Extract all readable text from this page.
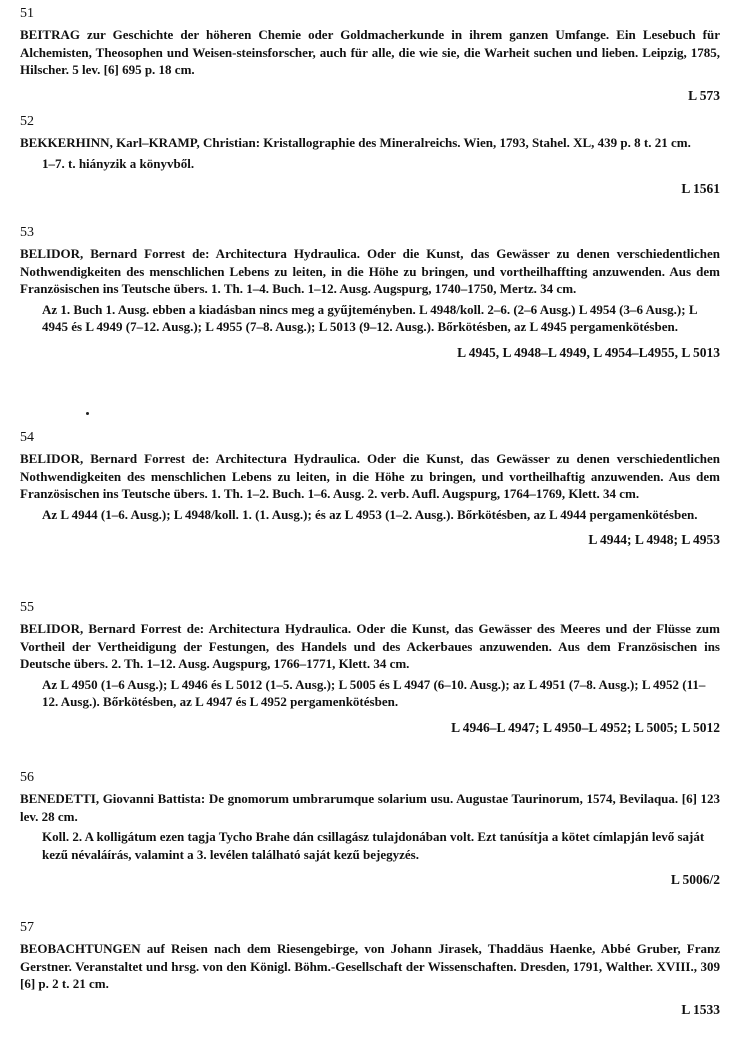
51
BEITRAG zur Geschichte der höheren Chemie oder Goldmacherkunde in ihrem ganzen Umfange. Ein Lesebuch für Alchemisten, Theosophen und Weisen-steinsforscher, auch für alle, die wie sie, die Warheit suchen und lieben. Leipzig, 1785, Hilscher. 5 lev. [6] 695 p. 18 cm.
L 573
52
BEKKERHINN, Karl–KRAMP, Christian: Kristallographie des Mineralreichs. Wien, 1793, Stahel. XL, 439 p. 8 t. 21 cm.
1–7. t. hiányzik a könyvből.
L 1561
53
BELIDOR, Bernard Forrest de: Architectura Hydraulica. Oder die Kunst, das Gewässer zu denen verschiedentlichen Nothwendigkeiten des menschlichen Lebens zu leiten, in die Höhe zu bringen, und vortheilhaffting anzuwenden. Aus dem Französischen ins Teutsche übers. 1. Th. 1–4. Buch. 1–12. Ausg. Augspurg, 1740–1750, Mertz. 34 cm.
Az 1. Buch 1. Ausg. ebben a kiadásban nincs meg a gyűjteményben. L 4948/koll. 2–6. (2–6 Ausg.) L 4954 (3–6 Ausg.); L 4945 és L 4949 (7–12. Ausg.); L 4955 (7–8. Ausg.); L 5013 (9–12. Ausg.). Bőrkötésben, az L 4945 pergamenkötésben.
L 4945, L 4948–L 4949, L 4954–L4955, L 5013
54
BELIDOR, Bernard Forrest de: Architectura Hydraulica. Oder die Kunst, das Gewässer zu denen verschiedentlichen Nothwendigkeiten des menschlichen Lebens zu leiten, in die Höhe zu bringen, und vortheilhaftig anzuwenden. Aus dem Französischen ins Teutsche übers. 1. Th. 1–2. Buch. 1–6. Ausg. 2. verb. Aufl. Augspurg, 1764–1769, Klett. 34 cm.
Az L 4944 (1–6. Ausg.); L 4948/koll. 1. (1. Ausg.); és az L 4953 (1–2. Ausg.). Bőrkötésben, az L 4944 pergamenkötésben.
L 4944; L 4948; L 4953
55
BELIDOR, Bernard Forrest de: Architectura Hydraulica. Oder die Kunst, das Gewässer des Meeres und der Flüsse zum Vortheil der Vertheidigung der Festungen, des Handels und des Ackerbaues anzuwenden. Aus dem Französischen ins Deutsche übers. 2. Th. 1–12. Ausg. Augspurg, 1766–1771, Klett. 34 cm.
Az L 4950 (1–6 Ausg.); L 4946 és L 5012 (1–5. Ausg.); L 5005 és L 4947 (6–10. Ausg.); az L 4951 (7–8. Ausg.); L 4952 (11–12. Ausg.). Bőrkötésben, az L 4947 és L 4952 pergamenkötésben.
L 4946–L 4947; L 4950–L 4952; L 5005; L 5012
56
BENEDETTI, Giovanni Battista: De gnomorum umbrarumque solarium usu. Augustae Taurinorum, 1574, Bevilaqua. [6] 123 lev. 28 cm.
Koll. 2. A kolligátum ezen tagja Tycho Brahe dán csillagász tulajdonában volt. Ezt tanúsítja a kötet címlapján levő saját kezű névaláírás, valamint a 3. levélen található saját kezű bejegyzés.
L 5006/2
57
BEOBACHTUNGEN auf Reisen nach dem Riesengebirge, von Johann Jirasek, Thaddäus Haenke, Abbé Gruber, Franz Gerstner. Veranstaltet und hrsg. von den Königl. Böhm.-Gesellschaft der Wissenschaften. Dresden, 1791, Walther. XVIII., 309 [6] p. 2 t. 21 cm.
L 1533
